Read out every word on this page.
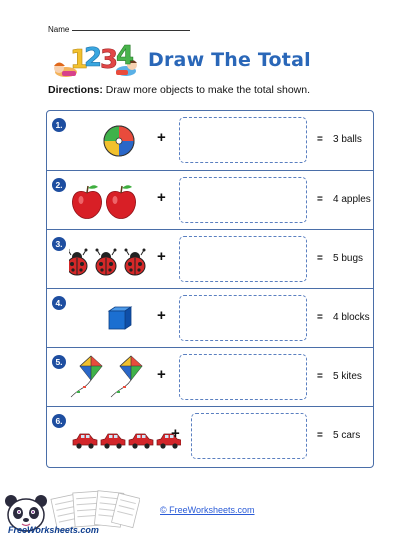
Name
1
2
3
4 Draw The Total
Directions: Draw more objects to make the total shown.
1.
+	= 3 balls
2.
+	= 4 apples
3.
+	= 5 bugs
4.
+	= 4 blocks
5.
+	= 5 kites
6.
+	= 5 cars
FreeWorksheets.com
© FreeWorksheets.com
